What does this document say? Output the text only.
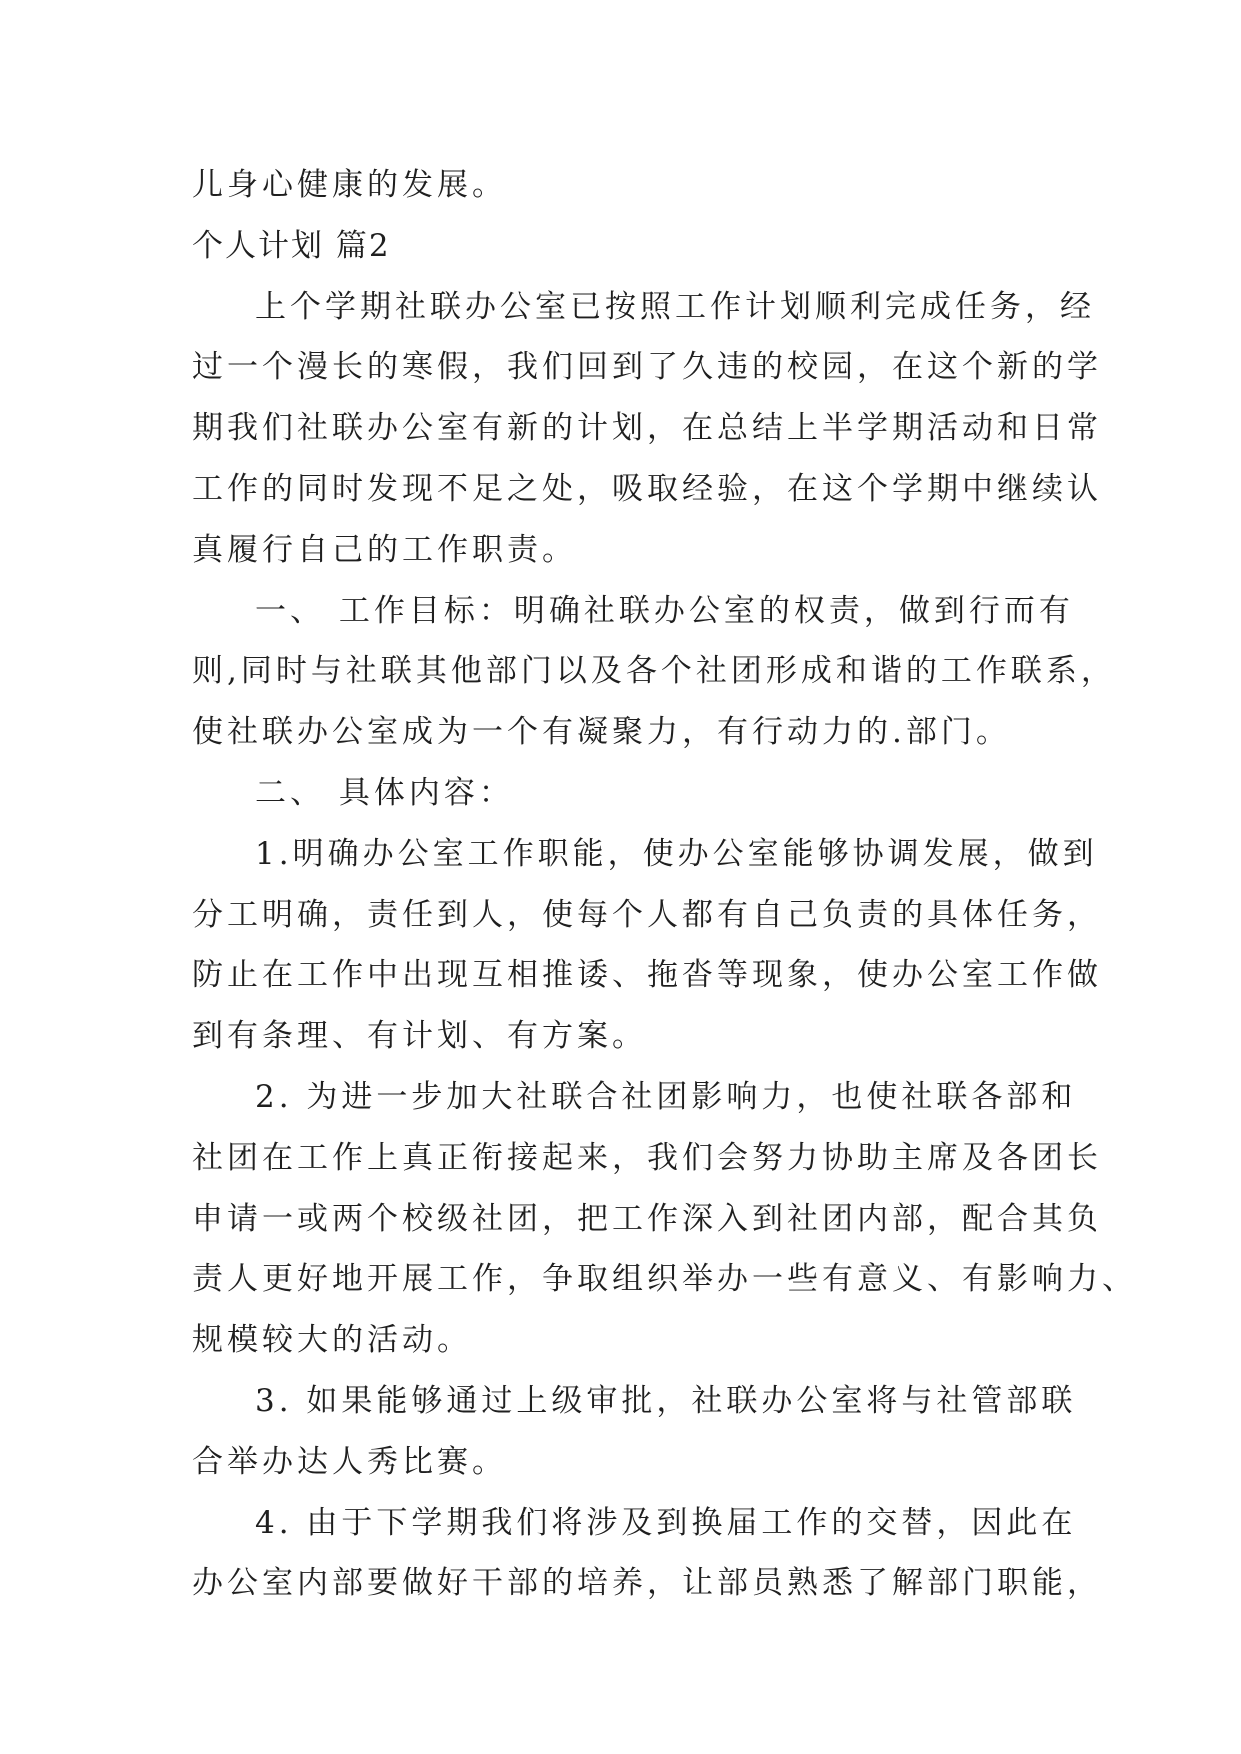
儿身心健康的发展。
个人计划 篇2
上个学期社联办公室已按照工作计划顺利完成任务，经
过一个漫长的寒假，我们回到了久违的校园，在这个新的学
期我们社联办公室有新的计划，在总结上半学期活动和日常
工作的同时发现不足之处，吸取经验，在这个学期中继续认
真履行自己的工作职责。
一、 工作目标：明确社联办公室的权责，做到行而有
则,同时与社联其他部门以及各个社团形成和谐的工作联系，
使社联办公室成为一个有凝聚力，有行动力的.部门。
二、 具体内容：
1.明确办公室工作职能，使办公室能够协调发展，做到
分工明确，责任到人，使每个人都有自己负责的具体任务，
防止在工作中出现互相推诿、拖沓等现象，使办公室工作做
到有条理、有计划、有方案。
2. 为进一步加大社联合社团影响力，也使社联各部和
社团在工作上真正衔接起来，我们会努力协助主席及各团长
申请一或两个校级社团，把工作深入到社团内部，配合其负
责人更好地开展工作，争取组织举办一些有意义、有影响力、
规模较大的活动。
3. 如果能够通过上级审批，社联办公室将与社管部联
合举办达人秀比赛。
4. 由于下学期我们将涉及到换届工作的交替，因此在
办公室内部要做好干部的培养，让部员熟悉了解部门职能，
